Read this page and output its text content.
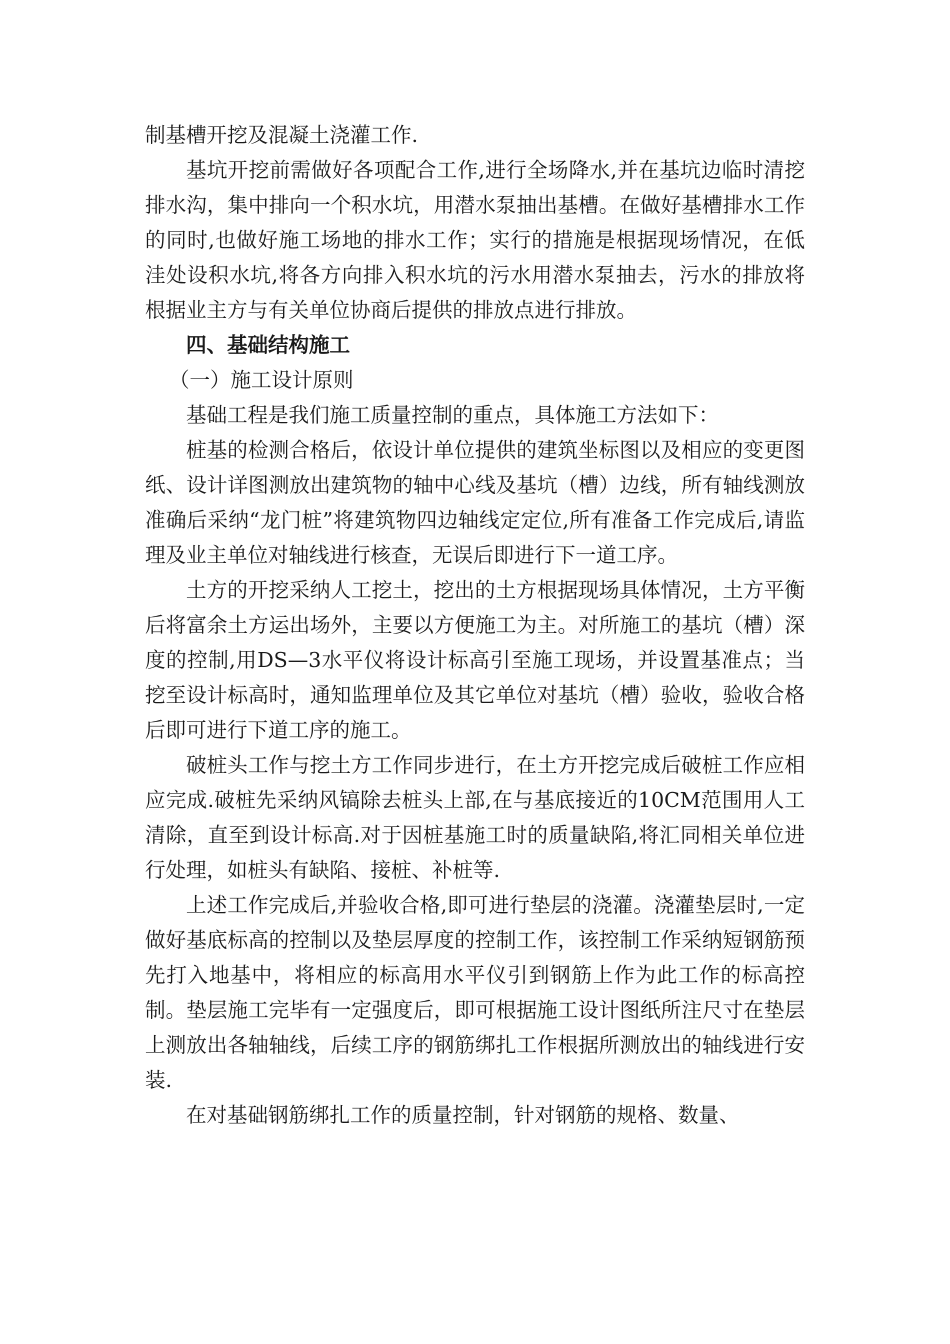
制基槽开挖及混凝土浇灌工作.

基坑开挖前需做好各项配合工作,进行全场降水,并在基坑边临时清挖排水沟，集中排向一个积水坑，用潜水泵抽出基槽。在做好基槽排水工作的同时,也做好施工场地的排水工作；实行的措施是根据现场情况，在低洼处设积水坑,将各方向排入积水坑的污水用潜水泵抽去，污水的排放将根据业主方与有关单位协商后提供的排放点进行排放。

四、基础结构施工

（一）施工设计原则

基础工程是我们施工质量控制的重点，具体施工方法如下：

桩基的检测合格后，依设计单位提供的建筑坐标图以及相应的变更图纸、设计详图测放出建筑物的轴中心线及基坑（槽）边线，所有轴线测放准确后采纳“龙门桩”将建筑物四边轴线定定位,所有准备工作完成后,请监理及业主单位对轴线进行核查，无误后即进行下一道工序。

土方的开挖采纳人工挖土，挖出的土方根据现场具体情况，土方平衡后将富余土方运出场外，主要以方便施工为主。对所施工的基坑（槽）深度的控制,用DS—3水平仪将设计标高引至施工现场，并设置基准点；当挖至设计标高时，通知监理单位及其它单位对基坑（槽）验收，验收合格后即可进行下道工序的施工。

破桩头工作与挖土方工作同步进行，在土方开挖完成后破桩工作应相应完成.破桩先采纳风镐除去桩头上部,在与基底接近的10CM范围用人工清除，直至到设计标高.对于因桩基施工时的质量缺陷,将汇同相关单位进行处理，如桩头有缺陷、接桩、补桩等.

上述工作完成后,并验收合格,即可进行垫层的浇灌。浇灌垫层时,一定做好基底标高的控制以及垫层厚度的控制工作，该控制工作采纳短钢筋预先打入地基中，将相应的标高用水平仪引到钢筋上作为此工作的标高控制。垫层施工完毕有一定强度后，即可根据施工设计图纸所注尺寸在垫层上测放出各轴轴线，后续工序的钢筋绑扎工作根据所测放出的轴线进行安装.

在对基础钢筋绑扎工作的质量控制，针对钢筋的规格、数量、
